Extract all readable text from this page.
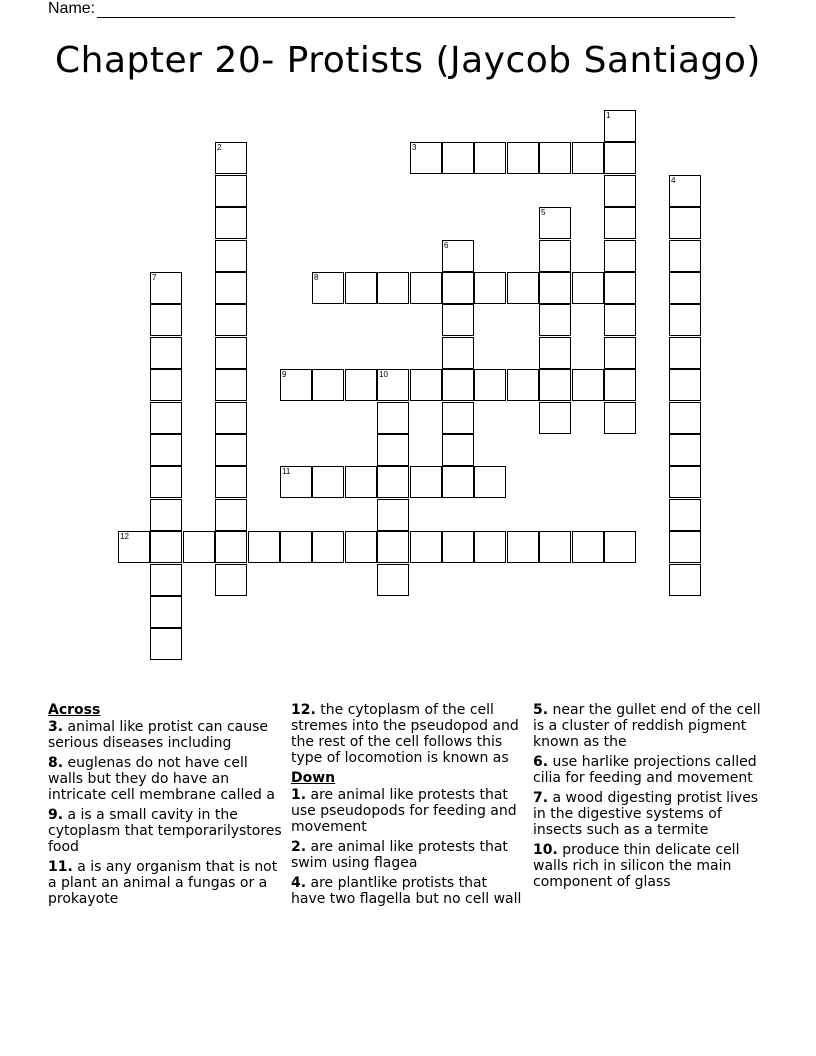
Name:
Chapter 20- Protists (Jaycob Santiago)
1
2	3
4
5
6
7	8
9	10
11
12
Across
3. animal like protist can cause serious diseases including
8. euglenas do not have cell walls but they do have an intricate cell membrane called a
9. a is a small cavity in the cytoplasm that temporarilystores food
11. a is any organism that is not a plant an animal a fungas or a prokayote
12. the cytoplasm of the cell stremes into the pseudopod and the rest of the cell follows this type of locomotion is known as
Down
1. are animal like protests that use pseudopods for feeding and movement
2. are animal like protests that swim using flagea
4. are plantlike protists that have two flagella but no cell wall
5. near the gullet end of the cell is a cluster of reddish pigment known as the
6. use harlike projections called cilia for feeding and movement
7. a wood digesting protist lives in the digestive systems of insects such as a termite
10. produce thin delicate cell walls rich in silicon the main component of glass
